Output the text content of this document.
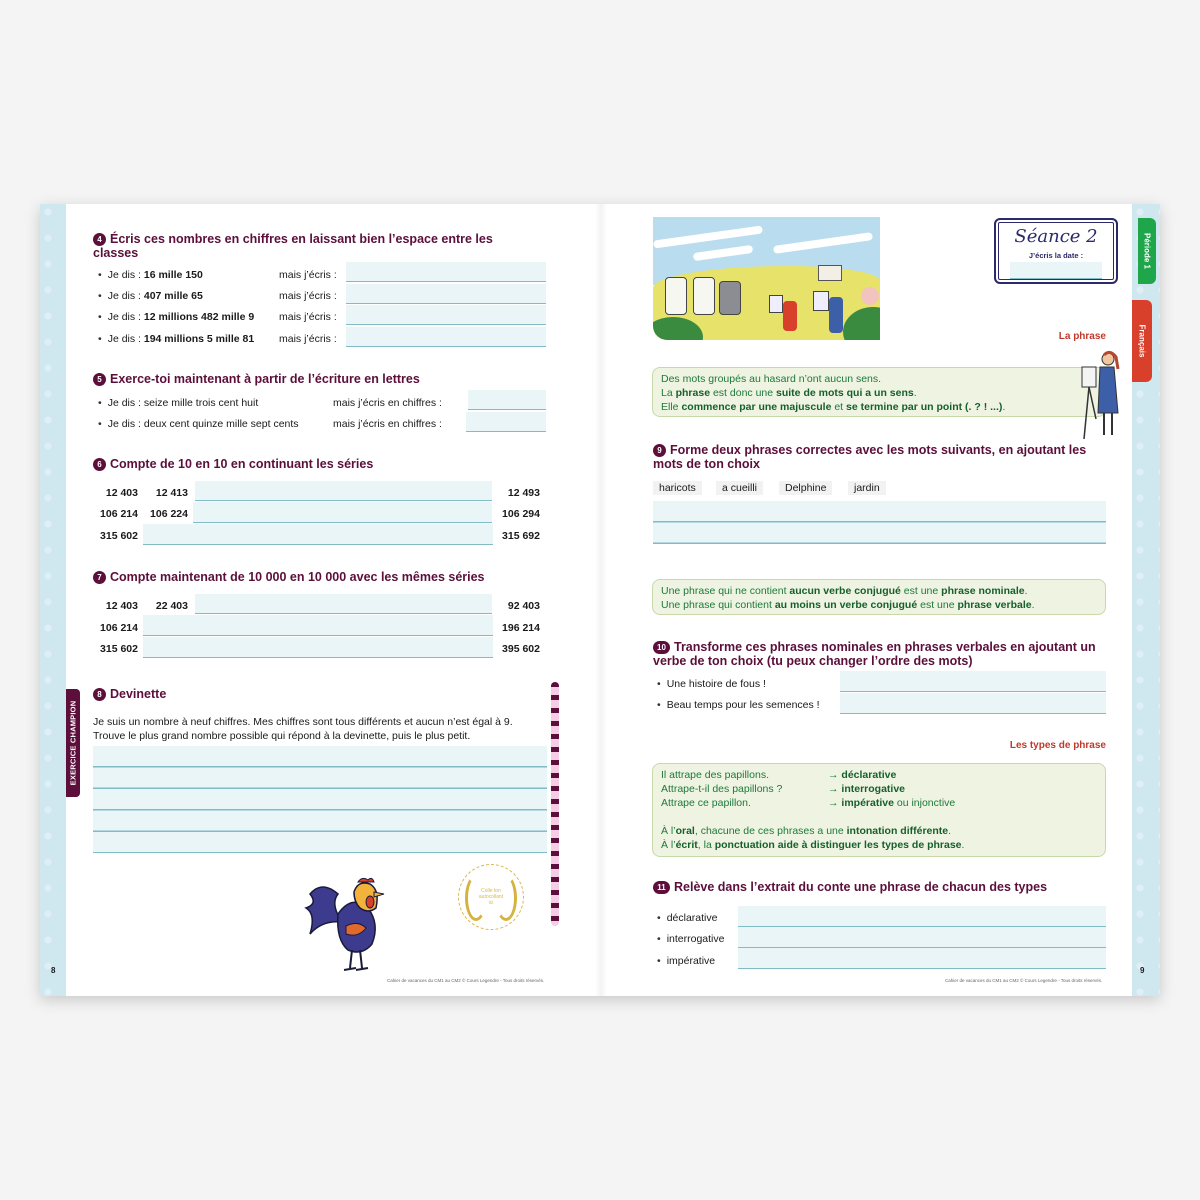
4 Écris ces nombres en chiffres en laissant bien l’espace entre les classes
• Je dis : 16 mille 150	mais j’écris :
• Je dis : 407 mille 65	mais j’écris :
• Je dis : 12 millions 482 mille 9 mais j’écris :
• Je dis : 194 millions 5 mille 81 mais j’écris :
5 Exerce-toi maintenant à partir de l’écriture en lettres
• Je dis : seize mille trois cent huit	mais j’écris en chiffres :
• Je dis : deux cent quinze mille sept cents	mais j’écris en chiffres :
6 Compte de 10 en 10 en continuant les séries
12 403	12 413	12 493
106 214	106 224	106 294
315 602	315 692
7 Compte maintenant de 10 000 en 10 000 avec les mêmes séries
12 403	22 403	92 403
106 214	196 214
315 602	395 602
EXERCICE CHAMPION
8 Devinette
Je suis un nombre à neuf chiffres. Mes chiffres sont tous différents et aucun n’est égal à 9.
Trouve le plus grand nombre possible qui répond à la devinette, puis le plus petit.
Colle ton autocollant ici
8
Cahier de vacances du CM1 au CM2 © Cours Legendre - Tous droits réservés.
Séance 2
J’écris la date :	Période 1
Français
La phrase
Des mots groupés au hasard n’ont aucun sens.
La phrase est donc une suite de mots qui a un sens.
Elle commence par une majuscule et se termine par un point (. ? ! ...).
9 Forme deux phrases correctes avec les mots suivants, en ajoutant les mots de ton choix
haricots	a cueilli	Delphine	jardin
Une phrase qui ne contient aucun verbe conjugué est une phrase nominale.
Une phrase qui contient au moins un verbe conjugué est une phrase verbale.
10 Transforme ces phrases nominales en phrases verbales en ajoutant un verbe de ton choix (tu peux changer l’ordre des mots)
• Une histoire de fous !
• Beau temps pour les semences !
Les types de phrase
Il attrape des papillons.	→ déclarative
Attrape-t-il des papillons ?	→ interrogative
Attrape ce papillon.	→ impérative ou injonctive
À l’oral, chacune de ces phrases a une intonation différente.
À l’écrit, la ponctuation aide à distinguer les types de phrase.
11 Relève dans l’extrait du conte une phrase de chacun des types
• déclarative
• interrogative
• impérative
9
Cahier de vacances du CM1 au CM2 © Cours Legendre - Tous droits réservés.
